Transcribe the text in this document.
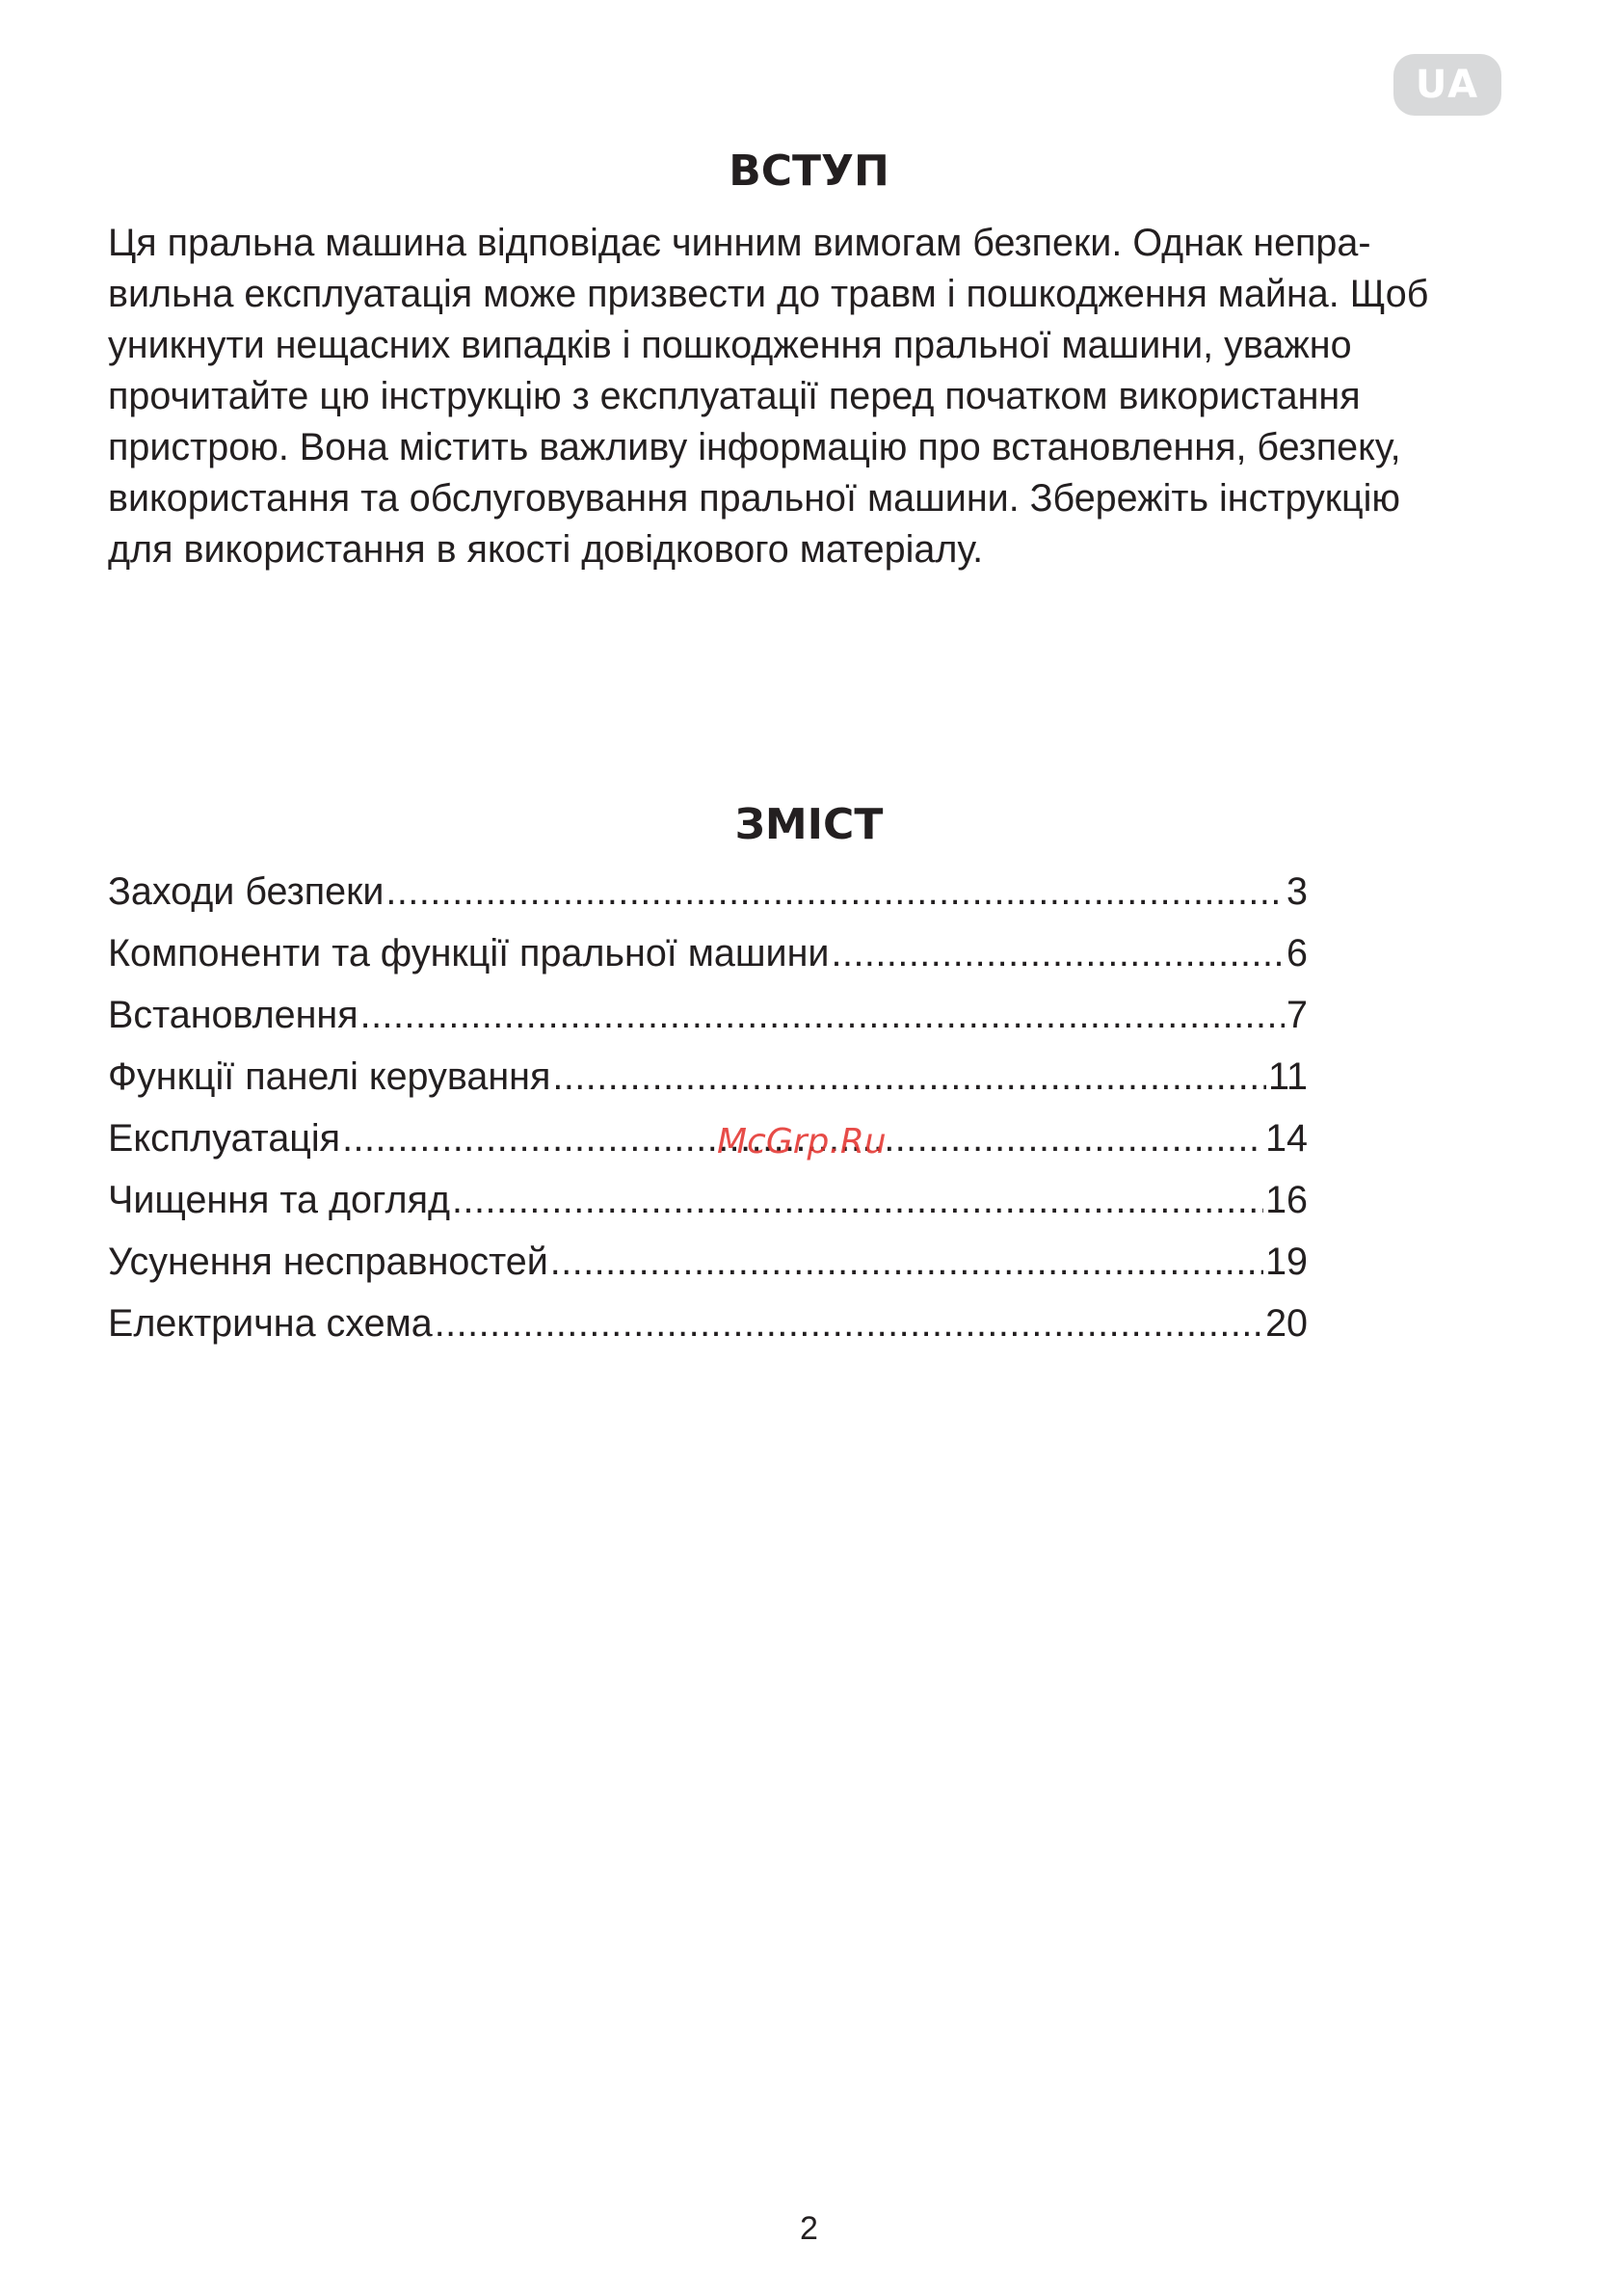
UA
ВСТУП

Ця пральна машина відповідає чинним вимогам безпеки. Однак непра-
вильна експлуатація може призвести до травм і пошкодження майна. Щоб
уникнути нещасних випадків і пошкодження пральної машини, уважно
прочитайте цю інструкцію з експлуатації перед початком використання
пристрою. Вона містить важливу інформацію про встановлення, безпеку,
використання та обслуговування пральної машини. Збережіть інструкцію
для використання в якості довідкового матеріалу.

ЗМІСТ
Заходи безпеки .....	3
Компоненти та функції пральної машини .....	6
Встановлення .....	7
Функції панелі керування .....	11
Експлуатація .....	14
Чищення та догляд .....	16
Усунення несправностей .....	19
Електрична схема .....	20
McGrp.Ru
2
